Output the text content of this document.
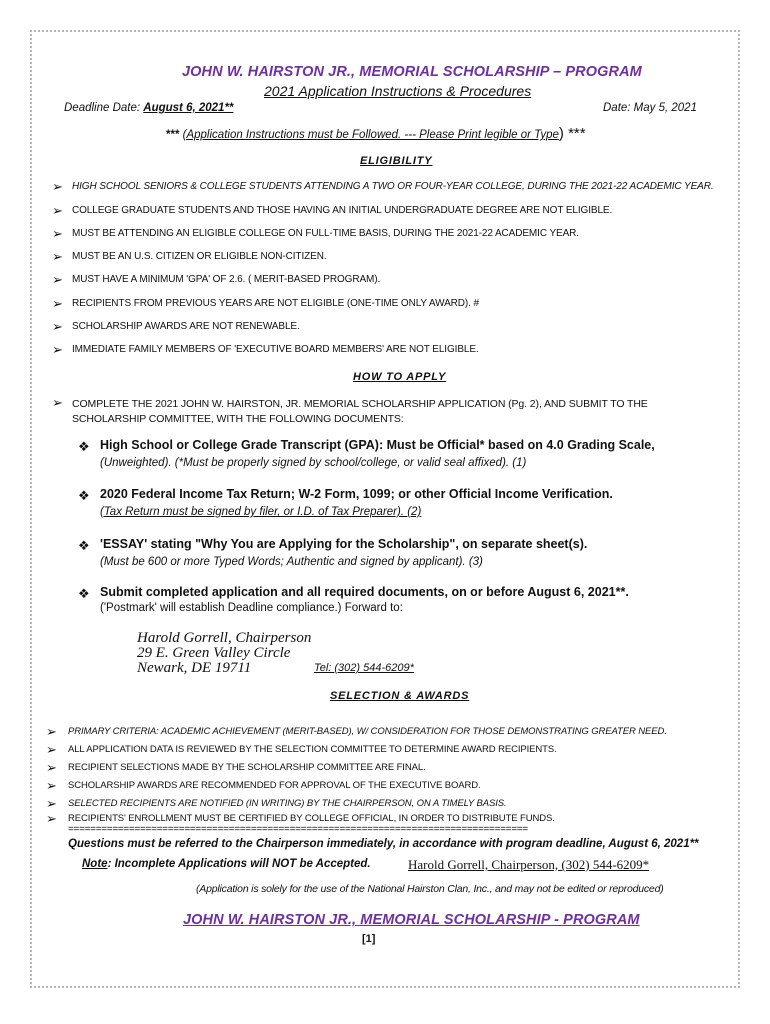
JOHN W. HAIRSTON JR., MEMORIAL SCHOLARSHIP – PROGRAM
2021 Application Instructions & Procedures
Deadline Date: August 6, 2021**	Date: May 5, 2021
*** (Application Instructions must be Followed. --- Please Print legible or Type) ***
ELIGIBILITY
➢ HIGH SCHOOL SENIORS & COLLEGE STUDENTS ATTENDING A TWO OR FOUR-YEAR COLLEGE, DURING THE 2021-22 ACADEMIC YEAR.
➢ COLLEGE GRADUATE STUDENTS AND THOSE HAVING AN INITIAL UNDERGRADUATE DEGREE ARE NOT ELIGIBLE.
➢ MUST BE ATTENDING AN ELIGIBLE COLLEGE ON FULL-TIME BASIS, DURING THE 2021-22 ACADEMIC YEAR.
➢ MUST BE AN U.S. CITIZEN OR ELIGIBLE NON-CITIZEN.
➢ MUST HAVE A MINIMUM 'GPA' OF 2.6. ( MERIT-BASED PROGRAM).
➢ RECIPIENTS FROM PREVIOUS YEARS ARE NOT ELIGIBLE (ONE-TIME ONLY AWARD). #
➢ SCHOLARSHIP AWARDS ARE NOT RENEWABLE.
➢ IMMEDIATE FAMILY MEMBERS OF 'EXECUTIVE BOARD MEMBERS' ARE NOT ELIGIBLE.
HOW TO APPLY
➢ COMPLETE THE 2021 JOHN W. HAIRSTON, JR. MEMORIAL SCHOLARSHIP APPLICATION (Pg. 2), AND SUBMIT TO THE
SCHOLARSHIP COMMITTEE, WITH THE FOLLOWING DOCUMENTS:
❖ High School or College Grade Transcript (GPA): Must be Official* based on 4.0 Grading Scale,
(Unweighted). (*Must be properly signed by school/college, or valid seal affixed). (1)
❖ 2020 Federal Income Tax Return; W-2 Form, 1099; or other Official Income Verification.
(Tax Return must be signed by filer, or I.D. of Tax Preparer). (2)
❖ 'ESSAY' stating "Why You are Applying for the Scholarship", on separate sheet(s).
(Must be 600 or more Typed Words; Authentic and signed by applicant). (3)
❖ Submit completed application and all required documents, on or before August 6, 2021**.
('Postmark' will establish Deadline compliance.) Forward to:
Harold Gorrell, Chairperson
29 E. Green Valley Circle
Newark, DE 19711	Tel: (302) 544-6209*
SELECTION & AWARDS
➢ PRIMARY CRITERIA: ACADEMIC ACHIEVEMENT (MERIT-BASED), W/ CONSIDERATION FOR THOSE DEMONSTRATING GREATER NEED.
➢ ALL APPLICATION DATA IS REVIEWED BY THE SELECTION COMMITTEE TO DETERMINE AWARD RECIPIENTS.
➢ RECIPIENT SELECTIONS MADE BY THE SCHOLARSHIP COMMITTEE ARE FINAL.
➢ SCHOLARSHIP AWARDS ARE RECOMMENDED FOR APPROVAL OF THE EXECUTIVE BOARD.
➢ SELECTED RECIPIENTS ARE NOTIFIED (IN WRITING) BY THE CHAIRPERSON, ON A TIMELY BASIS.
➢ RECIPIENTS' ENROLLMENT MUST BE CERTIFIED BY COLLEGE OFFICIAL, IN ORDER TO DISTRIBUTE FUNDS.
===================================================================================
Questions must be referred to the Chairperson immediately, in accordance with program deadline, August 6, 2021**
Note: Incomplete Applications will NOT be Accepted.	Harold Gorrell, Chairperson, (302) 544-6209*
(Application is solely for the use of the National Hairston Clan, Inc., and may not be edited or reproduced)
JOHN W. HAIRSTON JR., MEMORIAL SCHOLARSHIP - PROGRAM
[1]
